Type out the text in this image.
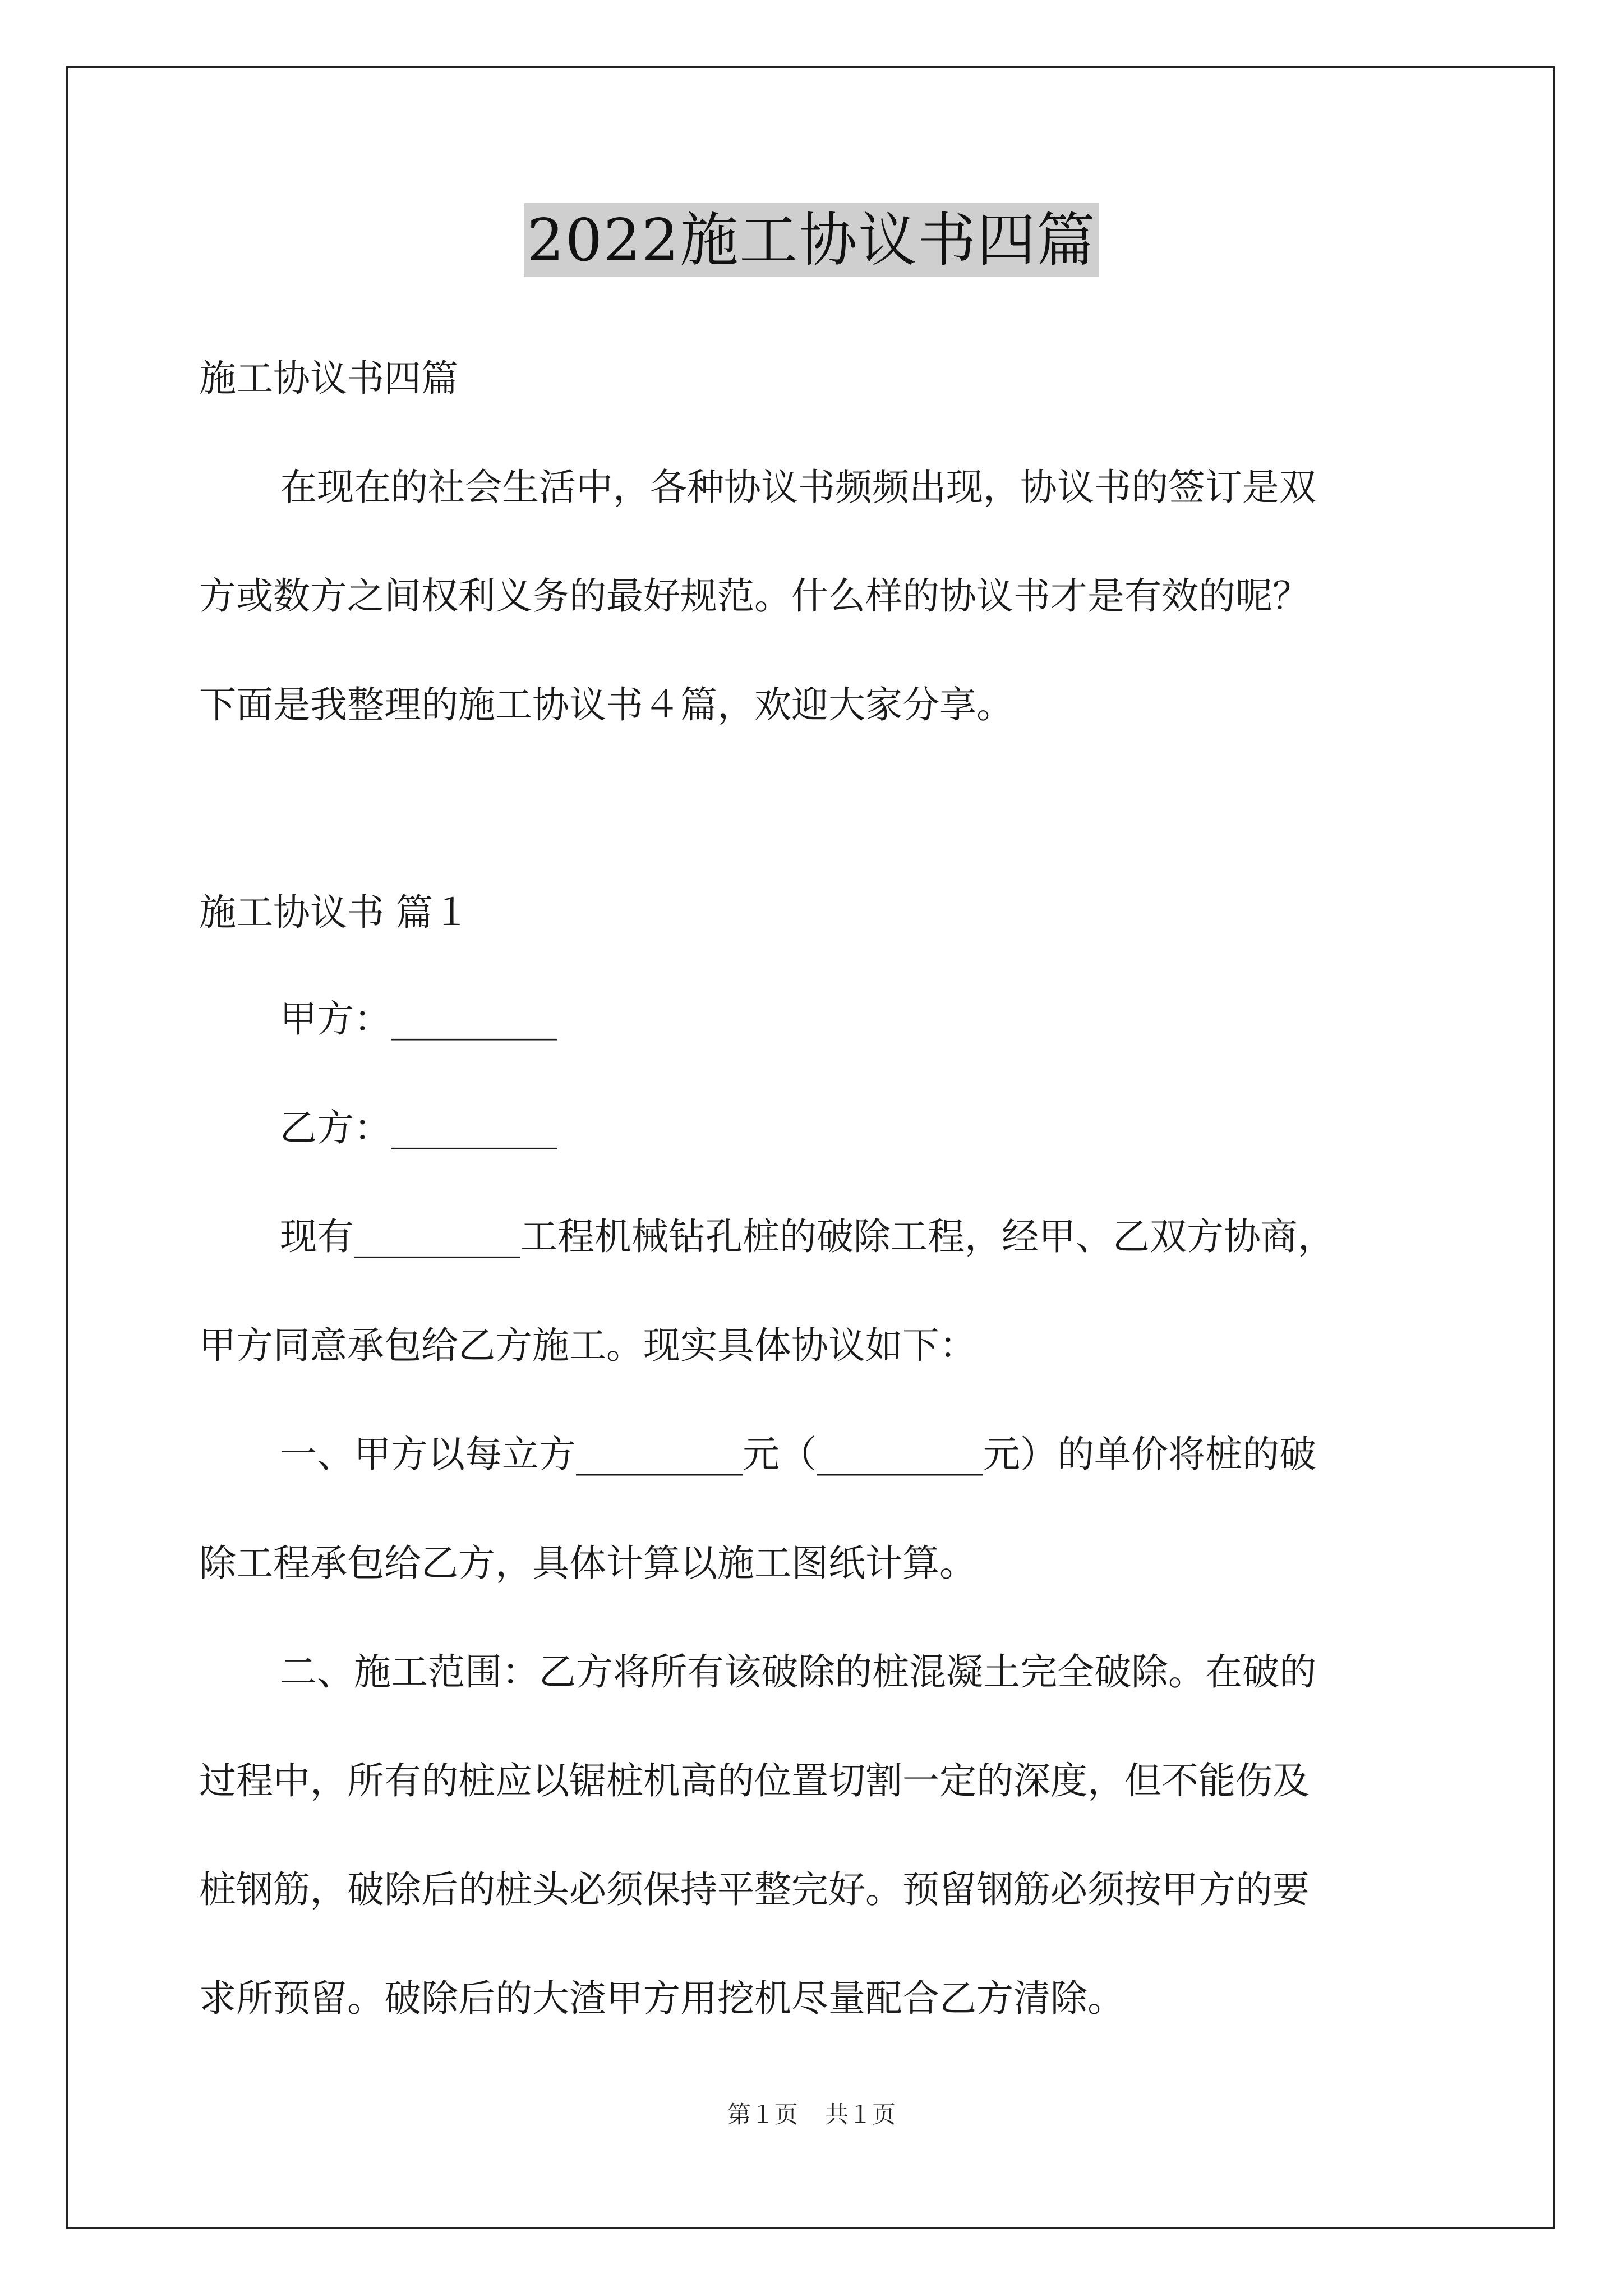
2022施工协议书四篇

施工协议书四篇

在现在的社会生活中，各种协议书频频出现，协议书的签订是双
方或数方之间权利义务的最好规范。什么样的协议书才是有效的呢？
下面是我整理的施工协议书４篇，欢迎大家分享。

施工协议书 篇１

甲方：_________

乙方：_________

现有_________工程机械钻孔桩的破除工程，经甲、乙双方协商，
甲方同意承包给乙方施工。现实具体协议如下：

一、甲方以每立方_________元（_________元）的单价将桩的破
除工程承包给乙方，具体计算以施工图纸计算。

二、施工范围：乙方将所有该破除的桩混凝土完全破除。在破的
过程中，所有的桩应以锯桩机高的位置切割一定的深度，但不能伤及
桩钢筋，破除后的桩头必须保持平整完好。预留钢筋必须按甲方的要
求所预留。破除后的大渣甲方用挖机尽量配合乙方清除。

第１页 共１页
